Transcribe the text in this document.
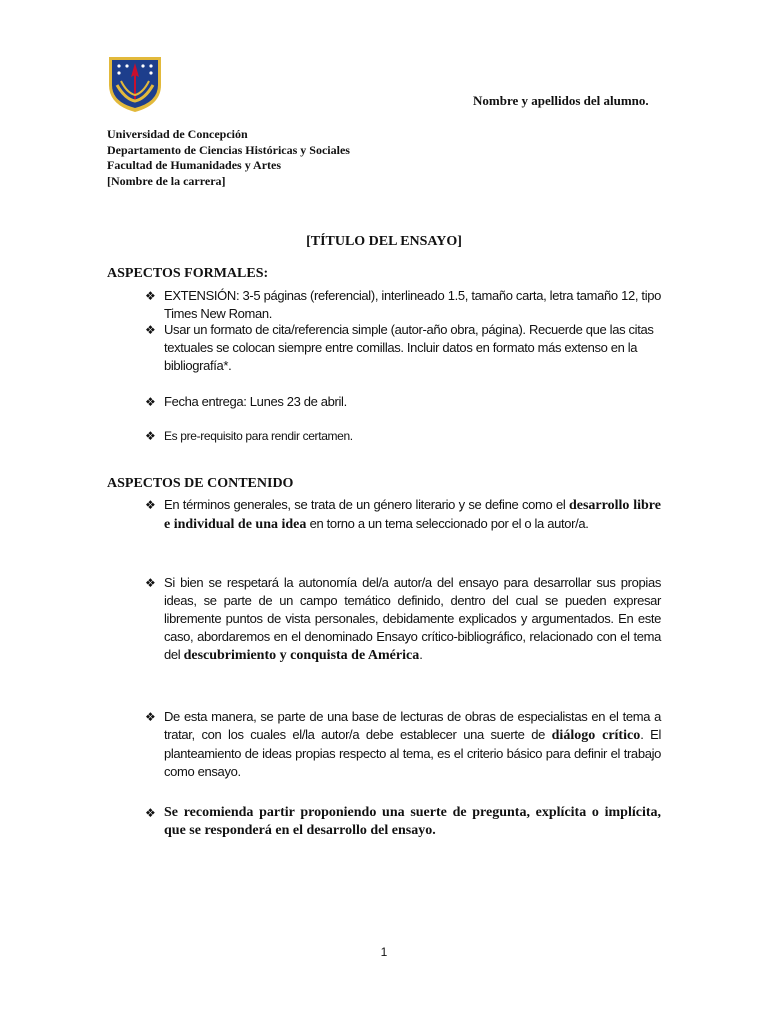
Nombre y apellidos del alumno.
Universidad de Concepción
Departamento de Ciencias Históricas y Sociales
Facultad de Humanidades y Artes
[Nombre de la carrera]
[TÍTULO DEL ENSAYO]
ASPECTOS FORMALES:
❖ EXTENSIÓN: 3-5 páginas (referencial), interlineado 1.5, tamaño carta, letra tamaño 12, tipo Times New Roman.
❖ Usar un formato de cita/referencia simple (autor-año obra, página). Recuerde que las citas textuales se colocan siempre entre comillas. Incluir datos en formato más extenso en la bibliografía*.
❖ Fecha entrega: Lunes 23 de abril.
❖ Es pre-requisito para rendir certamen.
ASPECTOS DE CONTENIDO
❖ En términos generales, se trata de un género literario y se define como el desarrollo libre e individual de una idea en torno a un tema seleccionado por el o la autor/a.
❖ Si bien se respetará la autonomía del/a autor/a del ensayo para desarrollar sus propias ideas, se parte de un campo temático definido, dentro del cual se pueden expresar libremente puntos de vista personales, debidamente explicados y argumentados. En este caso, abordaremos en el denominado Ensayo crítico-bibliográfico, relacionado con el tema del descubrimiento y conquista de América.
❖ De esta manera, se parte de una base de lecturas de obras de especialistas en el tema a tratar, con los cuales el/la autor/a debe establecer una suerte de diálogo crítico. El planteamiento de ideas propias respecto al tema, es el criterio básico para definir el trabajo como ensayo.
❖ Se recomienda partir proponiendo una suerte de pregunta, explícita o implícita, que se responderá en el desarrollo del ensayo.
1
